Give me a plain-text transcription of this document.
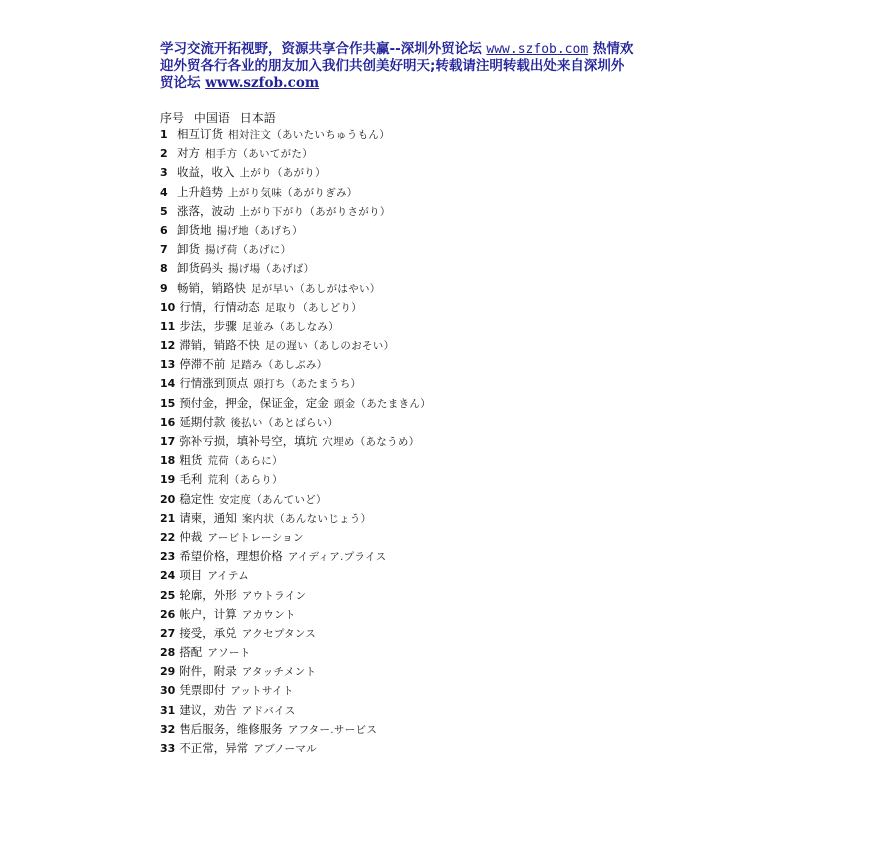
学习交流开拓视野，资源共享合作共赢--深圳外贸论坛 www.szfob.com 热情欢
迎外贸各行各业的朋友加入我们共创美好明天;转载请注明转载出处来自深圳外
贸论坛 www.szfob.com
序号 中国语 日本語
1 相互订货 相対注文（あいたいちゅうもん）
2 对方 相手方（あいてがた）
3 收益，收入 上がり（あがり）
4 上升趋势 上がり気味（あがりぎみ）
5 涨落，波动 上がり下がり（あがりさがり）
6 卸货地 揚げ地（あげち）
7 卸货 揚げ荷（あげに）
8 卸货码头 揚げ場（あげば）
9 畅销，销路快 足が早い（あしがはやい）
10 行情，行情动态 足取り（あしどり）
11 步法，步骤 足並み（あしなみ）
12 滞销，销路不快 足の遅い（あしのおそい）
13 停滞不前 足踏み（あしぶみ）
14 行情涨到顶点 頭打ち（あたまうち）
15 预付金，押金，保证金，定金 頭金（あたまきん）
16 延期付款 後払い（あとばらい）
17 弥补亏损，填补号空，填坑 穴埋め（あなうめ）
18 粗货 荒荷（あらに）
19 毛利 荒利（あらり）
20 稳定性 安定度（あんていど）
21 请柬，通知 案内状（あんないじょう）
22 仲裁 アービトレーション
23 希望价格，理想价格 アイディア.プライス
24 项目 アイテム
25 轮廓，外形 アウトライン
26 帐户，计算 アカウント
27 接受，承兑 アクセプタンス
28 搭配 アソート
29 附件，附录 アタッチメント
30 凭票即付 アットサイト
31 建议，劝告 アドバイス
32 售后服务，维修服务 アフター.サービス
33 不正常，异常 アブノーマル
